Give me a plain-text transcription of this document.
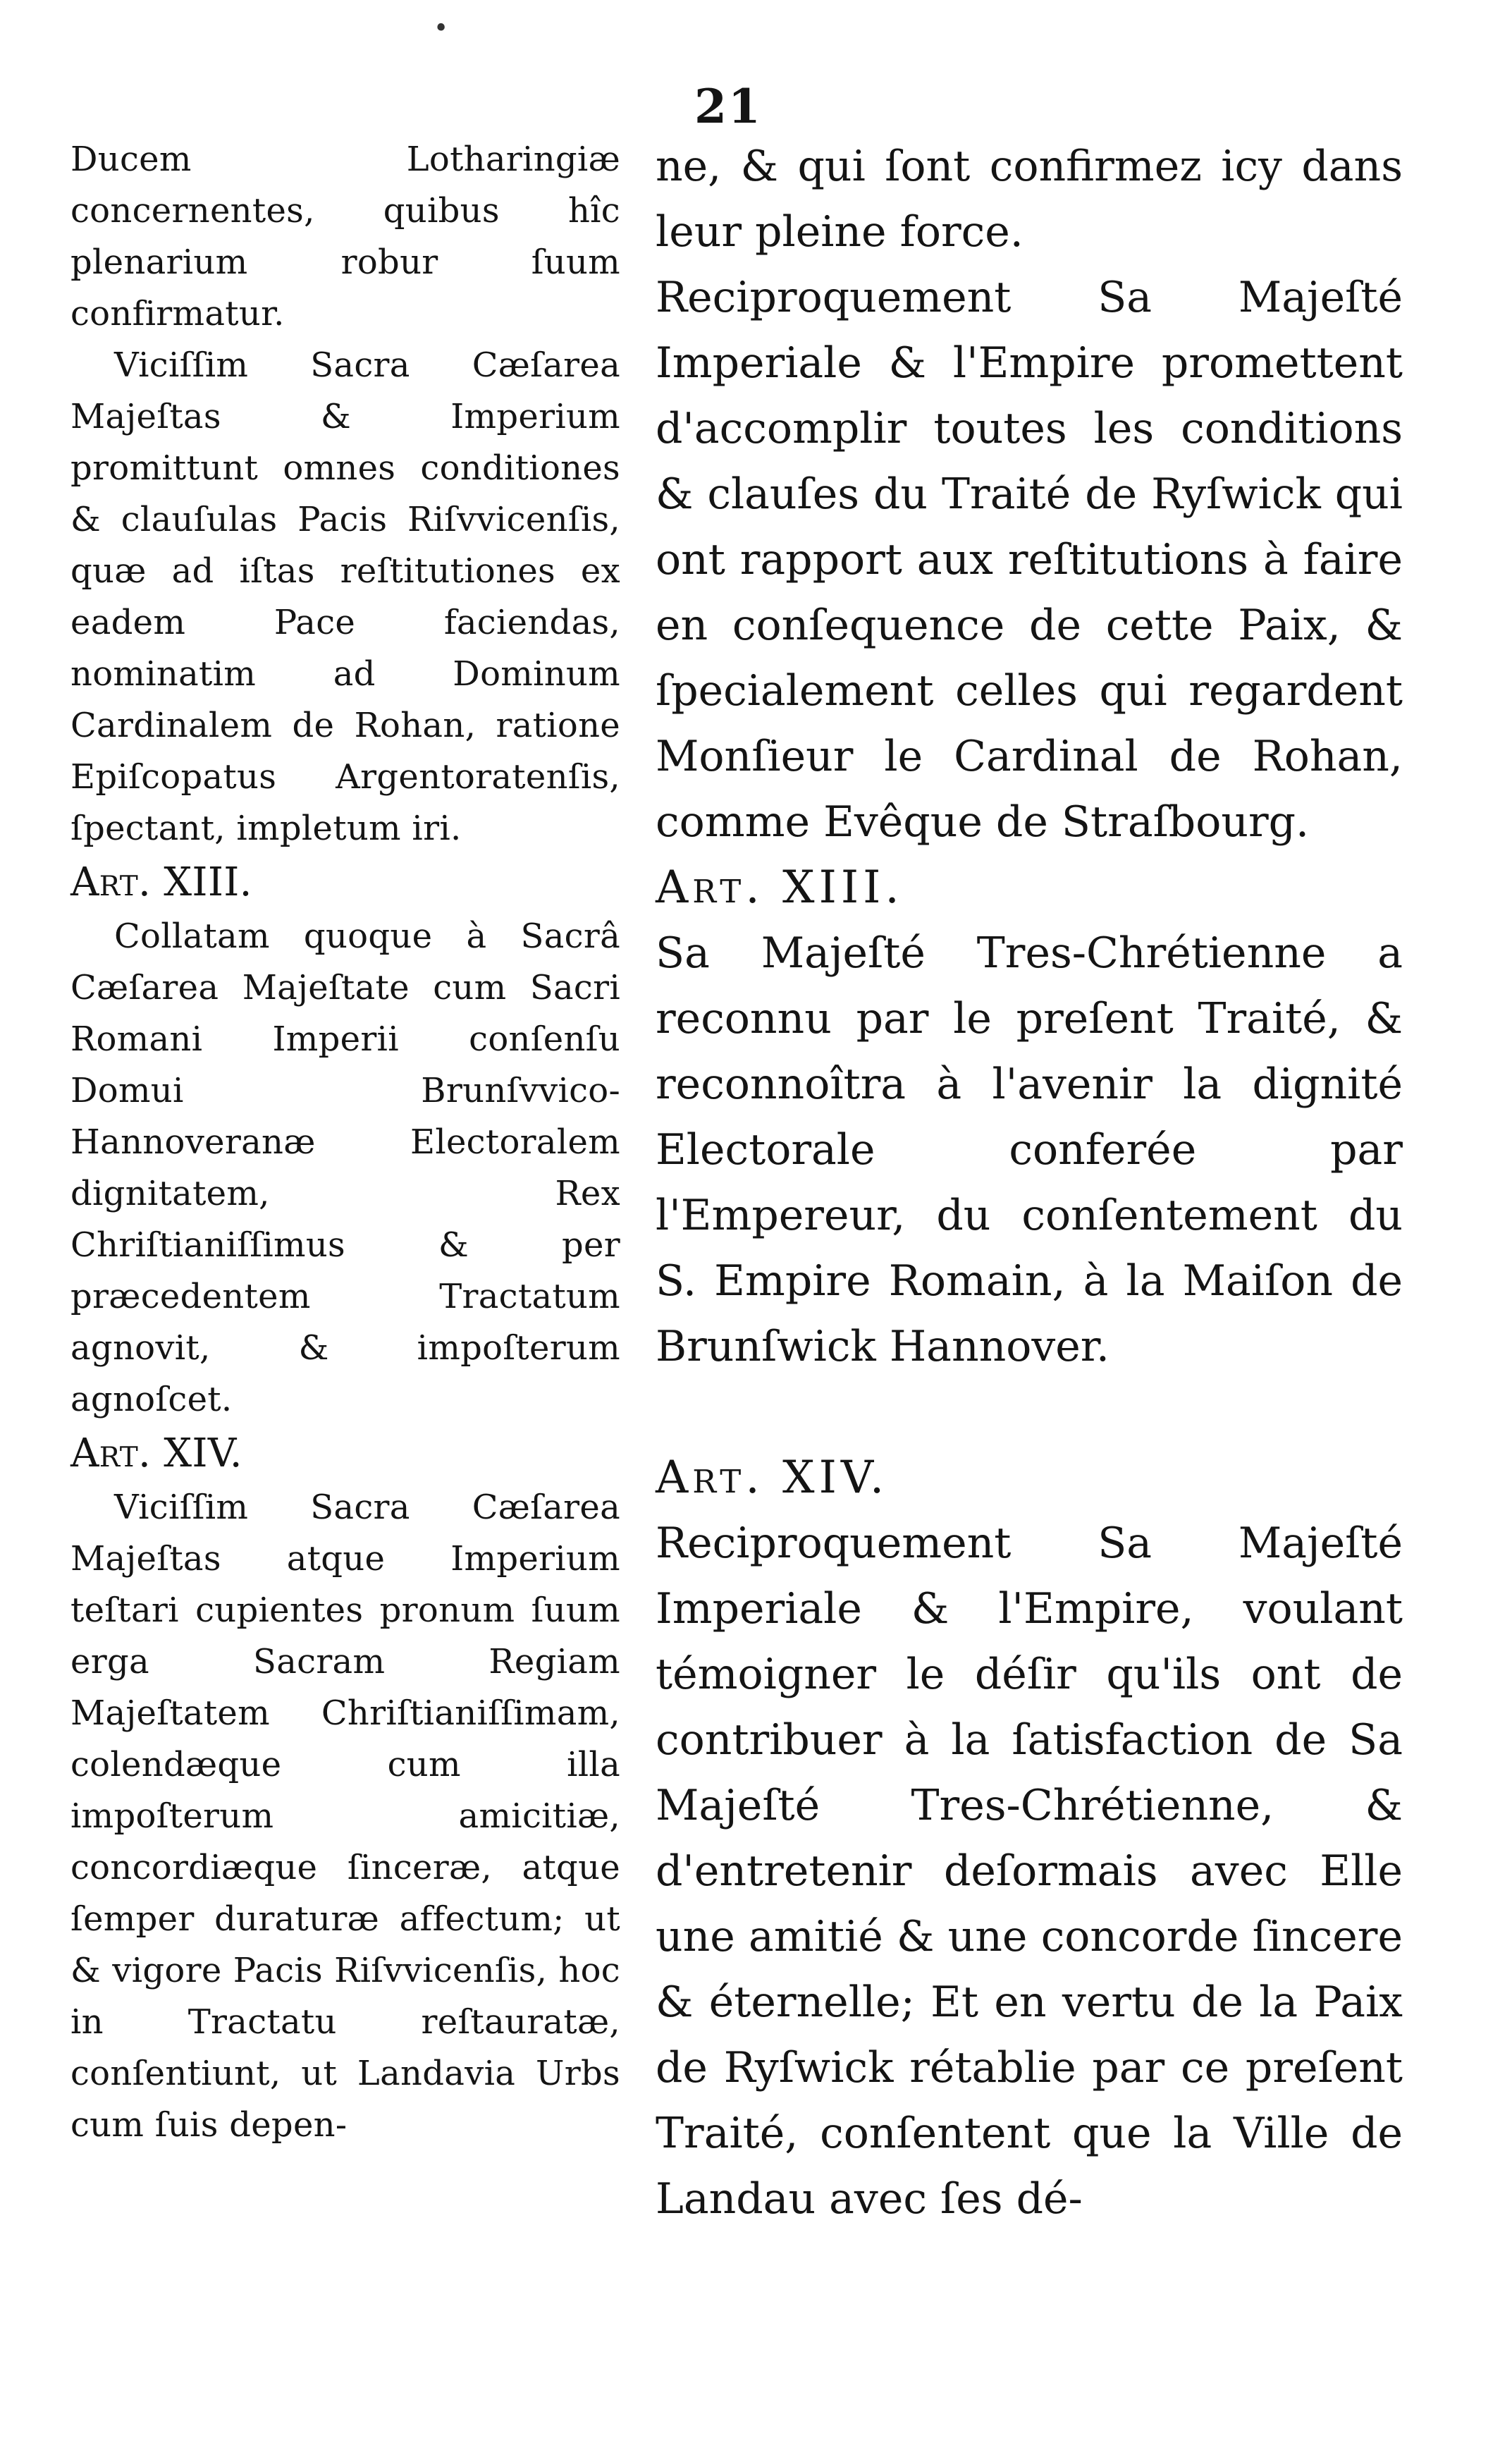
•
21

Ducem Lotharingiæ concernentes, quibus hîc plenarium robur ſuum confirmatur.

Viciſſim Sacra Cæſarea Majeſtas & Imperium promittunt omnes conditiones & clauſulas Pacis Riſvvicenſis, quæ ad iſtas reſtitutiones ex eadem Pace faciendas, nominatim ad Dominum Cardinalem de Rohan, ratione Epiſcopatus Argentoratenſis, ſpectant, impletum iri.

Art. XIII.

Collatam quoque à Sacrâ Cæſarea Majeſtate cum Sacri Romani Imperii conſenſu Domui Brunſvvico-Hannoveranæ Electoralem dignitatem, Rex Chriſtianiſſimus & per præcedentem Tractatum agnovit, & impoſterum agnoſcet.

Art. XIV.

Viciſſim Sacra Cæſarea Majeſtas atque Imperium teſtari cupientes pronum ſuum erga Sacram Regiam Majeſtatem Chriſtianiſſimam, colendæque cum illa impoſterum amicitiæ, concordiæque ſinceræ, atque ſemper duraturæ affectum; ut & vigore Pacis Riſvvicenſis, hoc in Tractatu reſtauratæ, conſentiunt, ut Landavia Urbs cum ſuis depen-

ne, & qui ſont confirmez icy dans leur pleine force.

Reciproquement Sa Majeſté Imperiale & l'Empire promettent d'accomplir toutes les conditions & clauſes du Traité de Ryſwick qui ont rapport aux reſtitutions à faire en conſequence de cette Paix, & ſpecialement celles qui regardent Monſieur le Cardinal de Rohan, comme Evêque de Straſbourg.

Art. XIII.

Sa Majeſté Tres-Chrétienne a reconnu par le preſent Traité, & reconnoîtra à l'avenir la dignité Electorale conferée par l'Empereur, du conſentement du S. Empire Romain, à la Maiſon de Brunſwick Hannover.

Art. XIV.

Reciproquement Sa Majeſté Imperiale & l'Empire, voulant témoigner le déſir qu'ils ont de contribuer à la ſatisfaction de Sa Majeſté Tres-Chrétienne, & d'entretenir deſormais avec Elle une amitié & une concorde ſincere & éternelle; Et en vertu de la Paix de Ryſwick rétablie par ce preſent Traité, conſentent que la Ville de Landau avec ſes dé-
